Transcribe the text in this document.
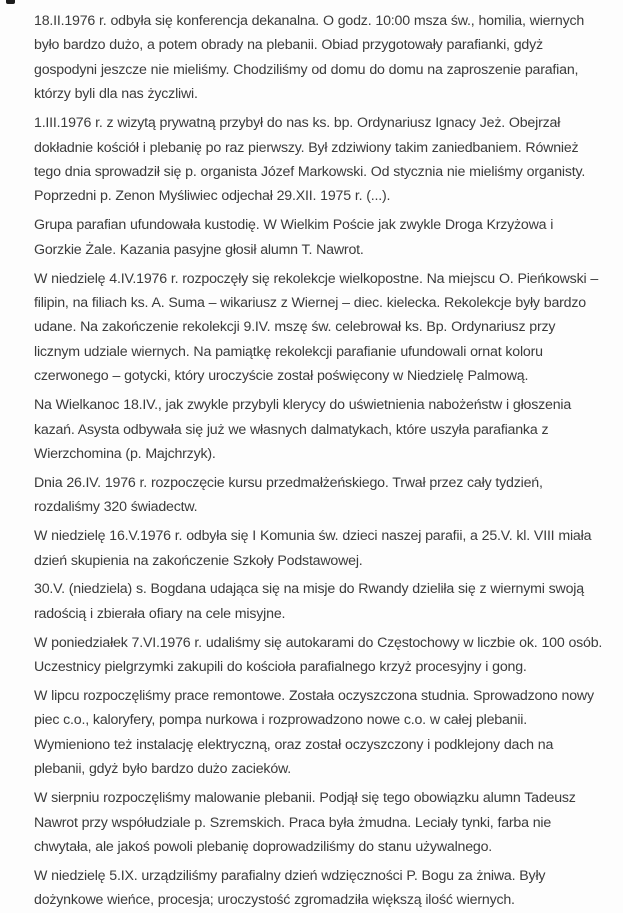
18.II.1976 r. odbyła się konferencja dekanalna. O godz. 10:00 msza św., homilia, wiernych było bardzo dużo, a potem obrady na plebanii. Obiad przygotowały parafianki, gdyż gospodyni jeszcze nie mieliśmy. Chodziliśmy od domu do domu na zaproszenie parafian, którzy byli dla nas życzliwi.

1.III.1976 r. z wizytą prywatną przybył do nas ks. bp. Ordynariusz Ignacy Jeż. Obejrzał dokładnie kościół i plebanię po raz pierwszy. Był zdziwiony takim zaniedbaniem. Również tego dnia sprowadził się p. organista Józef Markowski. Od stycznia nie mieliśmy organisty. Poprzedni p. Zenon Myśliwiec odjechał 29.XII. 1975 r. (...).

Grupa parafian ufundowała kustodię. W Wielkim Poście jak zwykle Droga Krzyżowa i Gorzkie Żale. Kazania pasyjne głosił alumn T. Nawrot.

W niedzielę 4.IV.1976 r. rozpoczęły się rekolekcje wielkopostne. Na miejscu O. Pieńkowski – filipin, na filiach ks. A. Suma – wikariusz z Wiernej – diec. kielecka. Rekolekcje były bardzo udane. Na zakończenie rekolekcji 9.IV. mszę św. celebrował ks. Bp. Ordynariusz przy licznym udziale wiernych. Na pamiątkę rekolekcji parafianie ufundowali ornat koloru czerwonego – gotycki, który uroczyście został poświęcony w Niedzielę Palmową.

Na Wielkanoc 18.IV., jak zwykle przybyli klerycy do uświetnienia nabożeństw i głoszenia kazań. Asysta odbywała się już we własnych dalmatykach, które uszyła parafianka z Wierzchomina (p. Majchrzyk).

Dnia 26.IV. 1976 r. rozpoczęcie kursu przedmałżeńskiego. Trwał przez cały tydzień, rozdaliśmy 320 świadectw.

W niedzielę 16.V.1976 r. odbyła się I Komunia św. dzieci naszej parafii, a 25.V. kl. VIII miała dzień skupienia na zakończenie Szkoły Podstawowej.

30.V. (niedziela) s. Bogdana udająca się na misje do Rwandy dzieliła się z wiernymi swoją radością i zbierała ofiary na cele misyjne.

W poniedziałek 7.VI.1976 r. udaliśmy się autokarami do Częstochowy w liczbie ok. 100 osób. Uczestnicy pielgrzymki zakupili do kościoła parafialnego krzyż procesyjny i gong.

W lipcu rozpoczęliśmy prace remontowe. Została oczyszczona studnia. Sprowadzono nowy piec c.o., kaloryfery, pompa nurkowa i rozprowadzono nowe c.o. w całej plebanii. Wymieniono też instalację elektryczną, oraz został oczyszczony i podklejony dach na plebanii, gdyż było bardzo dużo zacieków.

W sierpniu rozpoczęliśmy malowanie plebanii. Podjął się tego obowiązku alumn Tadeusz Nawrot przy współudziale p. Szremskich. Praca była żmudna. Leciały tynki, farba nie chwytała, ale jakoś powoli plebanię doprowadziliśmy do stanu używalnego.

W niedzielę 5.IX. urządziliśmy parafialny dzień wdzięczności P. Bogu za żniwa. Były dożynkowe wieńce, procesja; uroczystość zgromadziła większą ilość wiernych.
